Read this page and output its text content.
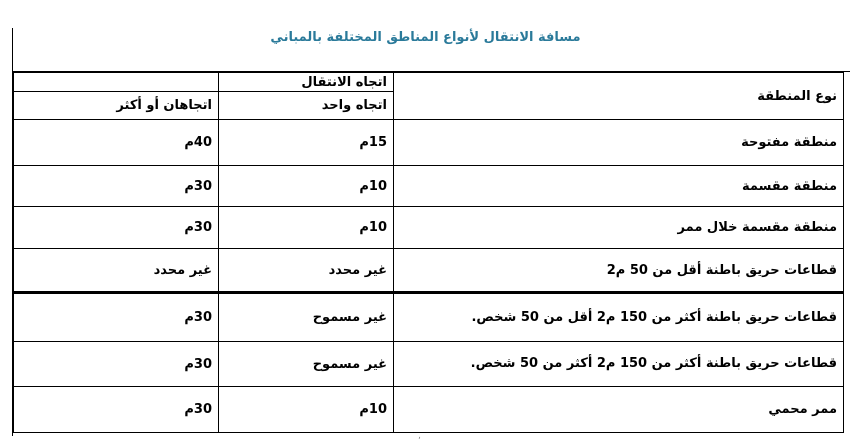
مسافة الانتقال لأنواع المناطق المختلفة بالمباني
نوع المنطقة	اتجاه الانتقال	
	اتجاه واحد	اتجاهان أو أكثر
منطقة مفتوحة	15م	40م
منطقة مقسمة	10م	30م
منطقة مقسمة خلال ممر	10م	30م
قطاعات حريق باطنة أقل من 50 م2	غير محدد	غير محدد
قطاعات حريق باطنة أكثر من 150 م2 أقل من 50 شخص.	غير مسموح	30م
قطاعات حريق باطنة أكثر من 150 م2 أكثر من 50 شخص.	غير مسموح	30م
ممر محمي	10م	30م
‚
